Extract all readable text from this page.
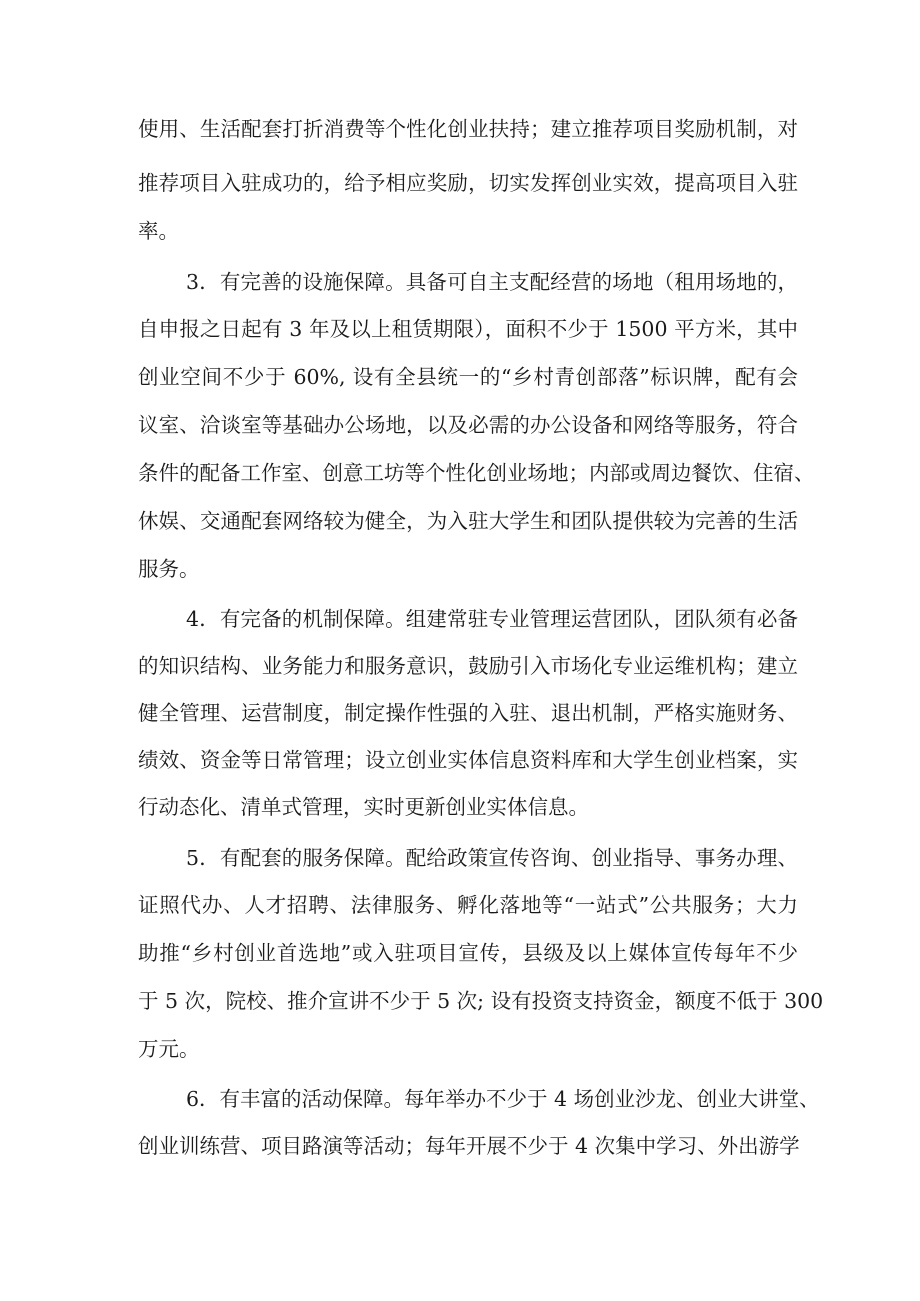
使用、生活配套打折消费等个性化创业扶持；建立推荐项目奖励机制，对
推荐项目入驻成功的，给予相应奖励，切实发挥创业实效，提高项目入驻
率。
3．有完善的设施保障。具备可自主支配经营的场地（租用场地的，
自申报之日起有 3 年及以上租赁期限），面积不少于 1500 平方米，其中
创业空间不少于 60%, 设有全县统一的“乡村青创部落”标识牌，配有会
议室、洽谈室等基础办公场地，以及必需的办公设备和网络等服务，符合
条件的配备工作室、创意工坊等个性化创业场地；内部或周边餐饮、住宿、
休娱、交通配套网络较为健全，为入驻大学生和团队提供较为完善的生活
服务。
4．有完备的机制保障。组建常驻专业管理运营团队，团队须有必备
的知识结构、业务能力和服务意识，鼓励引入市场化专业运维机构；建立
健全管理、运营制度，制定操作性强的入驻、退出机制，严格实施财务、
绩效、资金等日常管理；设立创业实体信息资料库和大学生创业档案，实
行动态化、清单式管理，实时更新创业实体信息。
5．有配套的服务保障。配给政策宣传咨询、创业指导、事务办理、
证照代办、人才招聘、法律服务、孵化落地等“一站式”公共服务；大力
助推“乡村创业首选地”或入驻项目宣传，县级及以上媒体宣传每年不少
于 5 次，院校、推介宣讲不少于 5 次; 设有投资支持资金，额度不低于 300
万元。
6．有丰富的活动保障。每年举办不少于 4 场创业沙龙、创业大讲堂、
创业训练营、项目路演等活动；每年开展不少于 4 次集中学习、外出游学
